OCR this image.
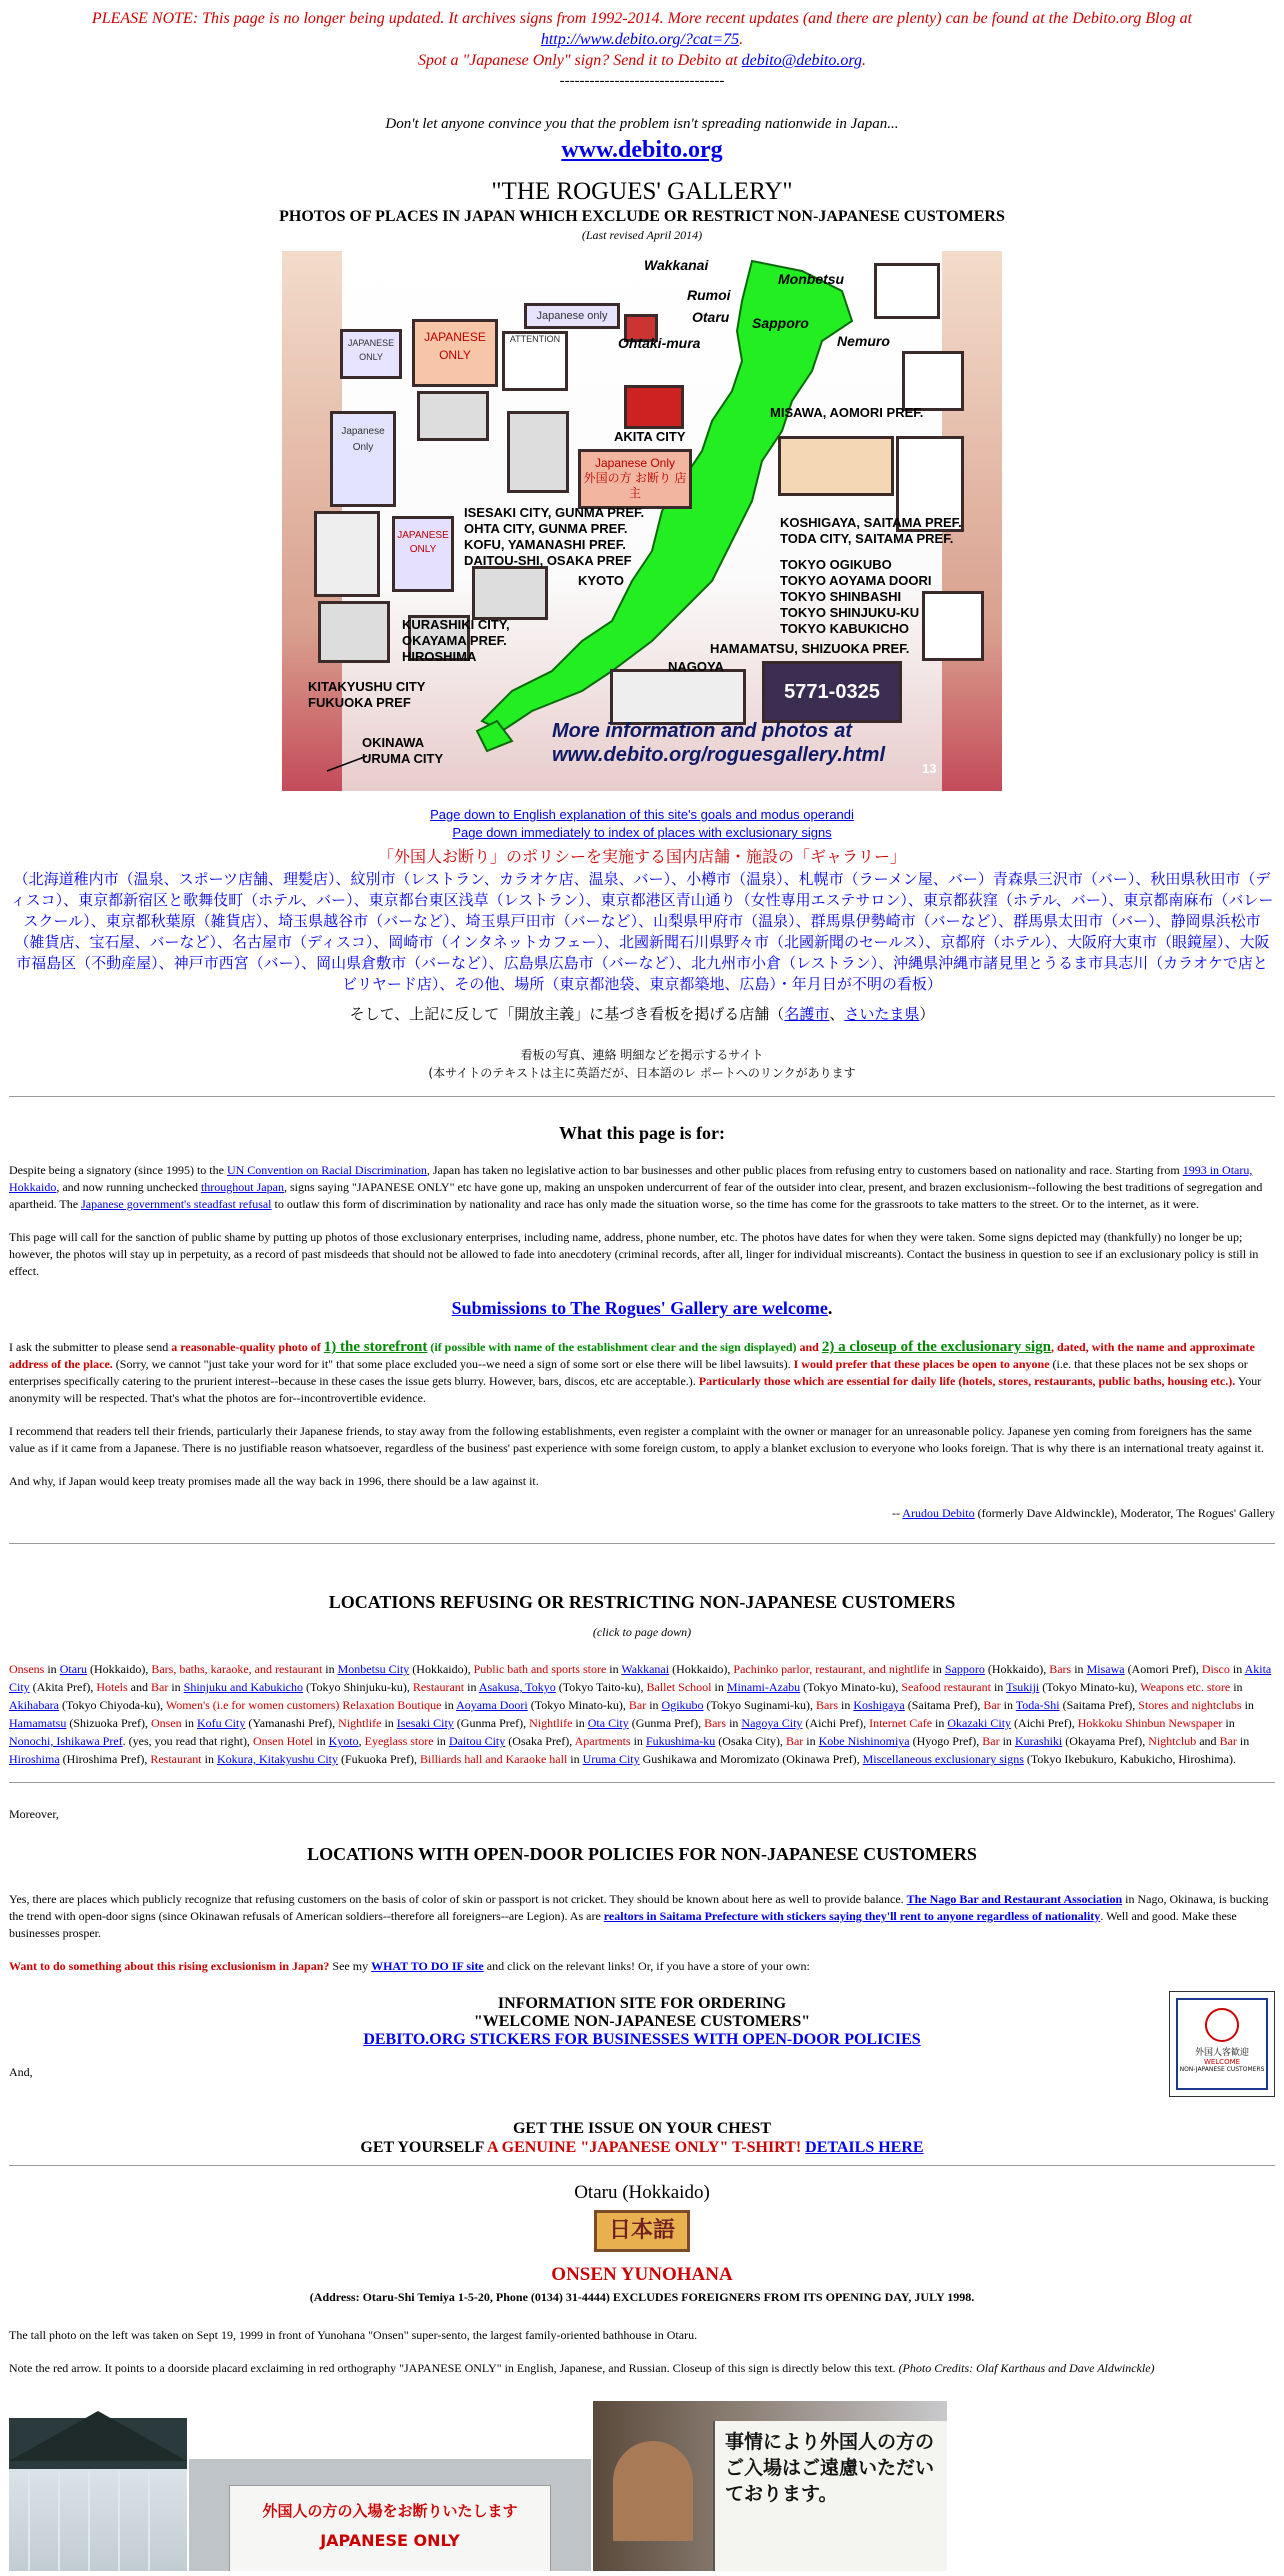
PLEASE NOTE: This page is no longer being updated. It archives signs from 1992-2014. More recent updates (and there are plenty) can be found at the Debito.org Blog at
http://www.debito.org/?cat=75.
Spot a "Japanese Only" sign? Send it to Debito at debito@debito.org.
---------------------------------
Don't let anyone convince you that the problem isn't spreading nationwide in Japan...
www.debito.org
"THE ROGUES' GALLERY"
PHOTOS OF PLACES IN JAPAN WHICH EXCLUDE OR RESTRICT NON-JAPANESE CUSTOMERS
(Last revised April 2014)
JAPANESE
ONLY
JAPANESE
ONLY
ATTENTION
Japanese only
Japanese
Only
Japanese Only
外国の方 お断り 店 主
JAPANESE
ONLY
5771-0325
Wakkanai
Monbetsu
Rumoi
Otaru Sapporo
Nemuro
Ohtaki-mura
AKITA CITY
MISAWA, AOMORI PREF.
ISESAKI CITY, GUNMA PREF.
OHTA CITY, GUNMA PREF.
KOFU, YAMANASHI PREF.
DAITOU-SHI, OSAKA PREF
KYOTO
KOSHIGAYA, SAITAMA PREF.
TODA CITY, SAITAMA PREF.
TOKYO OGIKUBO
TOKYO AOYAMA DOORI
TOKYO SHINBASHI
TOKYO SHINJUKU-KU
TOKYO KABUKICHO
HAMAMATSU, SHIZUOKA PREF.
KURASHIKI CITY,
OKAYAMA PREF.
HIROSHIMA
NAGOYA
KITAKYUSHU CITY
FUKUOKA PREF
OKINAWA
URUMA CITY
More information and photos at
www.debito.org/roguesgallery.html
13
Page down to English explanation of this site's goals and modus operandi
Page down immediately to index of places with exclusionary signs
「外国人お断り」のポリシーを実施する国内店舗・施設の「ギャラリー」
（北海道稚内市（温泉、スポーツ店舗、理髪店）、紋別市（レストラン、カラオケ店、温泉、バー）、小樽市（温泉）、札幌市（ラーメン屋、バー）青森県三沢市（バー）、秋田県秋田市（ディスコ）、東京都新宿区と歌舞伎町（ホテル、バー）、東京都台東区浅草（レストラン）、東京都港区青山通り（女性専用エステサロン）、東京都荻窪（ホテル、バー）、東京都南麻布（バレースクール）、東京都秋葉原（雑貨店）、埼玉県越谷市（バーなど）、埼玉県戸田市（バーなど）、山梨県甲府市（温泉）、群馬県伊勢崎市（バーなど）、群馬県太田市（バー）、静岡県浜松市（雑貨店、宝石屋、バーなど）、名古屋市（ディスコ）、岡崎市（インタネットカフェー）、北國新聞石川県野々市（北國新聞のセールス）、京都府（ホテル）、大阪府大東市（眼鏡屋）、大阪市福島区（不動産屋）、神戸市西宮（バー）、岡山県倉敷市（バーなど）、広島県広島市（バーなど）、北九州市小倉（レストラン）、沖縄県沖縄市諸見里とうるま市具志川（カラオケで店とビリヤード店）、その他、場所（東京都池袋、東京都築地、広島）・年月日が不明の看板）
そして、上記に反して「開放主義」に基づき看板を掲げる店舗（名護市、さいたま県）
看板の写真、連絡 明細などを掲示するサイト
(本サイトのテキストは主に英語だが、日本語のレ ポートへのリンクがあります
What this page is for:

Despite being a signatory (since 1995) to the UN Convention on Racial Discrimination, Japan has taken no legislative action to bar businesses and other public places from refusing entry to customers based on nationality and race. Starting from 1993 in Otaru, Hokkaido, and now running unchecked throughout Japan, signs saying "JAPANESE ONLY" etc have gone up, making an unspoken undercurrent of fear of the outsider into clear, present, and brazen exclusionism--following the best traditions of segregation and apartheid. The Japanese government's steadfast refusal to outlaw this form of discrimination by nationality and race has only made the situation worse, so the time has come for the grassroots to take matters to the street. Or to the internet, as it were.

This page will call for the sanction of public shame by putting up photos of those exclusionary enterprises, including name, address, phone number, etc. The photos have dates for when they were taken. Some signs depicted may (thankfully) no longer be up; however, the photos will stay up in perpetuity, as a record of past misdeeds that should not be allowed to fade into anecdotery (criminal records, after all, linger for individual miscreants). Contact the business in question to see if an exclusionary policy is still in effect.

Submissions to The Rogues' Gallery are welcome.

I ask the submitter to please send a reasonable-quality photo of 1) the storefront (if possible with name of the establishment clear and the sign displayed) and 2) a closeup of the exclusionary sign, dated, with the name and approximate address of the place. (Sorry, we cannot "just take your word for it" that some place excluded you--we need a sign of some sort or else there will be libel lawsuits). I would prefer that these places be open to anyone (i.e. that these places not be sex shops or enterprises specifically catering to the prurient interest--because in these cases the issue gets blurry. However, bars, discos, etc are acceptable.). Particularly those which are essential for daily life (hotels, stores, restaurants, public baths, housing etc.). Your anonymity will be respected. That's what the photos are for--incontrovertible evidence.

I recommend that readers tell their friends, particularly their Japanese friends, to stay away from the following establishments, even register a complaint with the owner or manager for an unreasonable policy. Japanese yen coming from foreigners has the same value as if it came from a Japanese. There is no justifiable reason whatsoever, regardless of the business' past experience with some foreign custom, to apply a blanket exclusion to everyone who looks foreign. That is why there is an international treaty against it.

And why, if Japan would keep treaty promises made all the way back in 1996, there should be a law against it.

-- Arudou Debito (formerly Dave Aldwinckle), Moderator, The Rogues' Gallery
LOCATIONS REFUSING OR RESTRICTING NON-JAPANESE CUSTOMERS
(click to page down)
Onsens in Otaru (Hokkaido), Bars, baths, karaoke, and restaurant in Monbetsu City (Hokkaido), Public bath and sports store in Wakkanai (Hokkaido), Pachinko parlor, restaurant, and nightlife in Sapporo (Hokkaido), Bars in Misawa (Aomori Pref), Disco in Akita City (Akita Pref), Hotels and Bar in Shinjuku and Kabukicho (Tokyo Shinjuku-ku), Restaurant in Asakusa, Tokyo (Tokyo Taito-ku), Ballet School in Minami-Azabu (Tokyo Minato-ku), Seafood restaurant in Tsukiji (Tokyo Minato-ku), Weapons etc. store in Akihabara (Tokyo Chiyoda-ku), Women's (i.e for women customers) Relaxation Boutique in Aoyama Doori (Tokyo Minato-ku), Bar in Ogikubo (Tokyo Suginami-ku), Bars in Koshigaya (Saitama Pref), Bar in Toda-Shi (Saitama Pref), Stores and nightclubs in Hamamatsu (Shizuoka Pref), Onsen in Kofu City (Yamanashi Pref), Nightlife in Isesaki City (Gunma Pref), Nightlife in Ota City (Gunma Pref), Bars in Nagoya City (Aichi Pref), Internet Cafe in Okazaki City (Aichi Pref), Hokkoku Shinbun Newspaper in Nonochi, Ishikawa Pref. (yes, you read that right), Onsen Hotel in Kyoto, Eyeglass store in Daitou City (Osaka Pref), Apartments in Fukushima-ku (Osaka City), Bar in Kobe Nishinomiya (Hyogo Pref), Bar in Kurashiki (Okayama Pref), Nightclub and Bar in Hiroshima (Hiroshima Pref), Restaurant in Kokura, Kitakyushu City (Fukuoka Pref), Billiards hall and Karaoke hall in Uruma City Gushikawa and Moromizato (Okinawa Pref), Miscellaneous exclusionary signs (Tokyo Ikebukuro, Kabukicho, Hiroshima).
Moreover,
LOCATIONS WITH OPEN-DOOR POLICIES FOR NON-JAPANESE CUSTOMERS

Yes, there are places which publicly recognize that refusing customers on the basis of color of skin or passport is not cricket. They should be known about here as well to provide balance. The Nago Bar and Restaurant Association in Nago, Okinawa, is bucking the trend with open-door signs (since Okinawan refusals of American soldiers--therefore all foreigners--are Legion). As are realtors in Saitama Prefecture with stickers saying they'll rent to anyone regardless of nationality. Well and good. Make these businesses prosper.

Want to do something about this rising exclusionism in Japan? See my WHAT TO DO IF site and click on the relevant links! Or, if you have a store of your own:

INFORMATION SITE FOR ORDERING
"WELCOME NON-JAPANESE CUSTOMERS"
DEBITO.ORG STICKERS FOR BUSINESSES WITH OPEN-DOOR POLICIES
And,
外国人客歓迎
WELCOME
NON-JAPANESE CUSTOMERS
GET THE ISSUE ON YOUR CHEST
GET YOURSELF A GENUINE "JAPANESE ONLY" T-SHIRT! DETAILS HERE
Otaru (Hokkaido)
日本語
ONSEN YUNOHANA
(Address: Otaru-Shi Temiya 1-5-20, Phone (0134) 31-4444) EXCLUDES FOREIGNERS FROM ITS OPENING DAY, JULY 1998.

The tall photo on the left was taken on Sept 19, 1999 in front of Yunohana "Onsen" super-sento, the largest family-oriented bathhouse in Otaru.

Note the red arrow. It points to a doorside placard exclaiming in red orthography "JAPANESE ONLY" in English, Japanese, and Russian. Closeup of this sign is directly below this text. (Photo Credits: Olaf Karthaus and Dave Aldwinckle)

外国人の方の入場をお断りいたします
JAPANESE ONLY
事情により外国人の方のご入場はご遠慮いただいております。
